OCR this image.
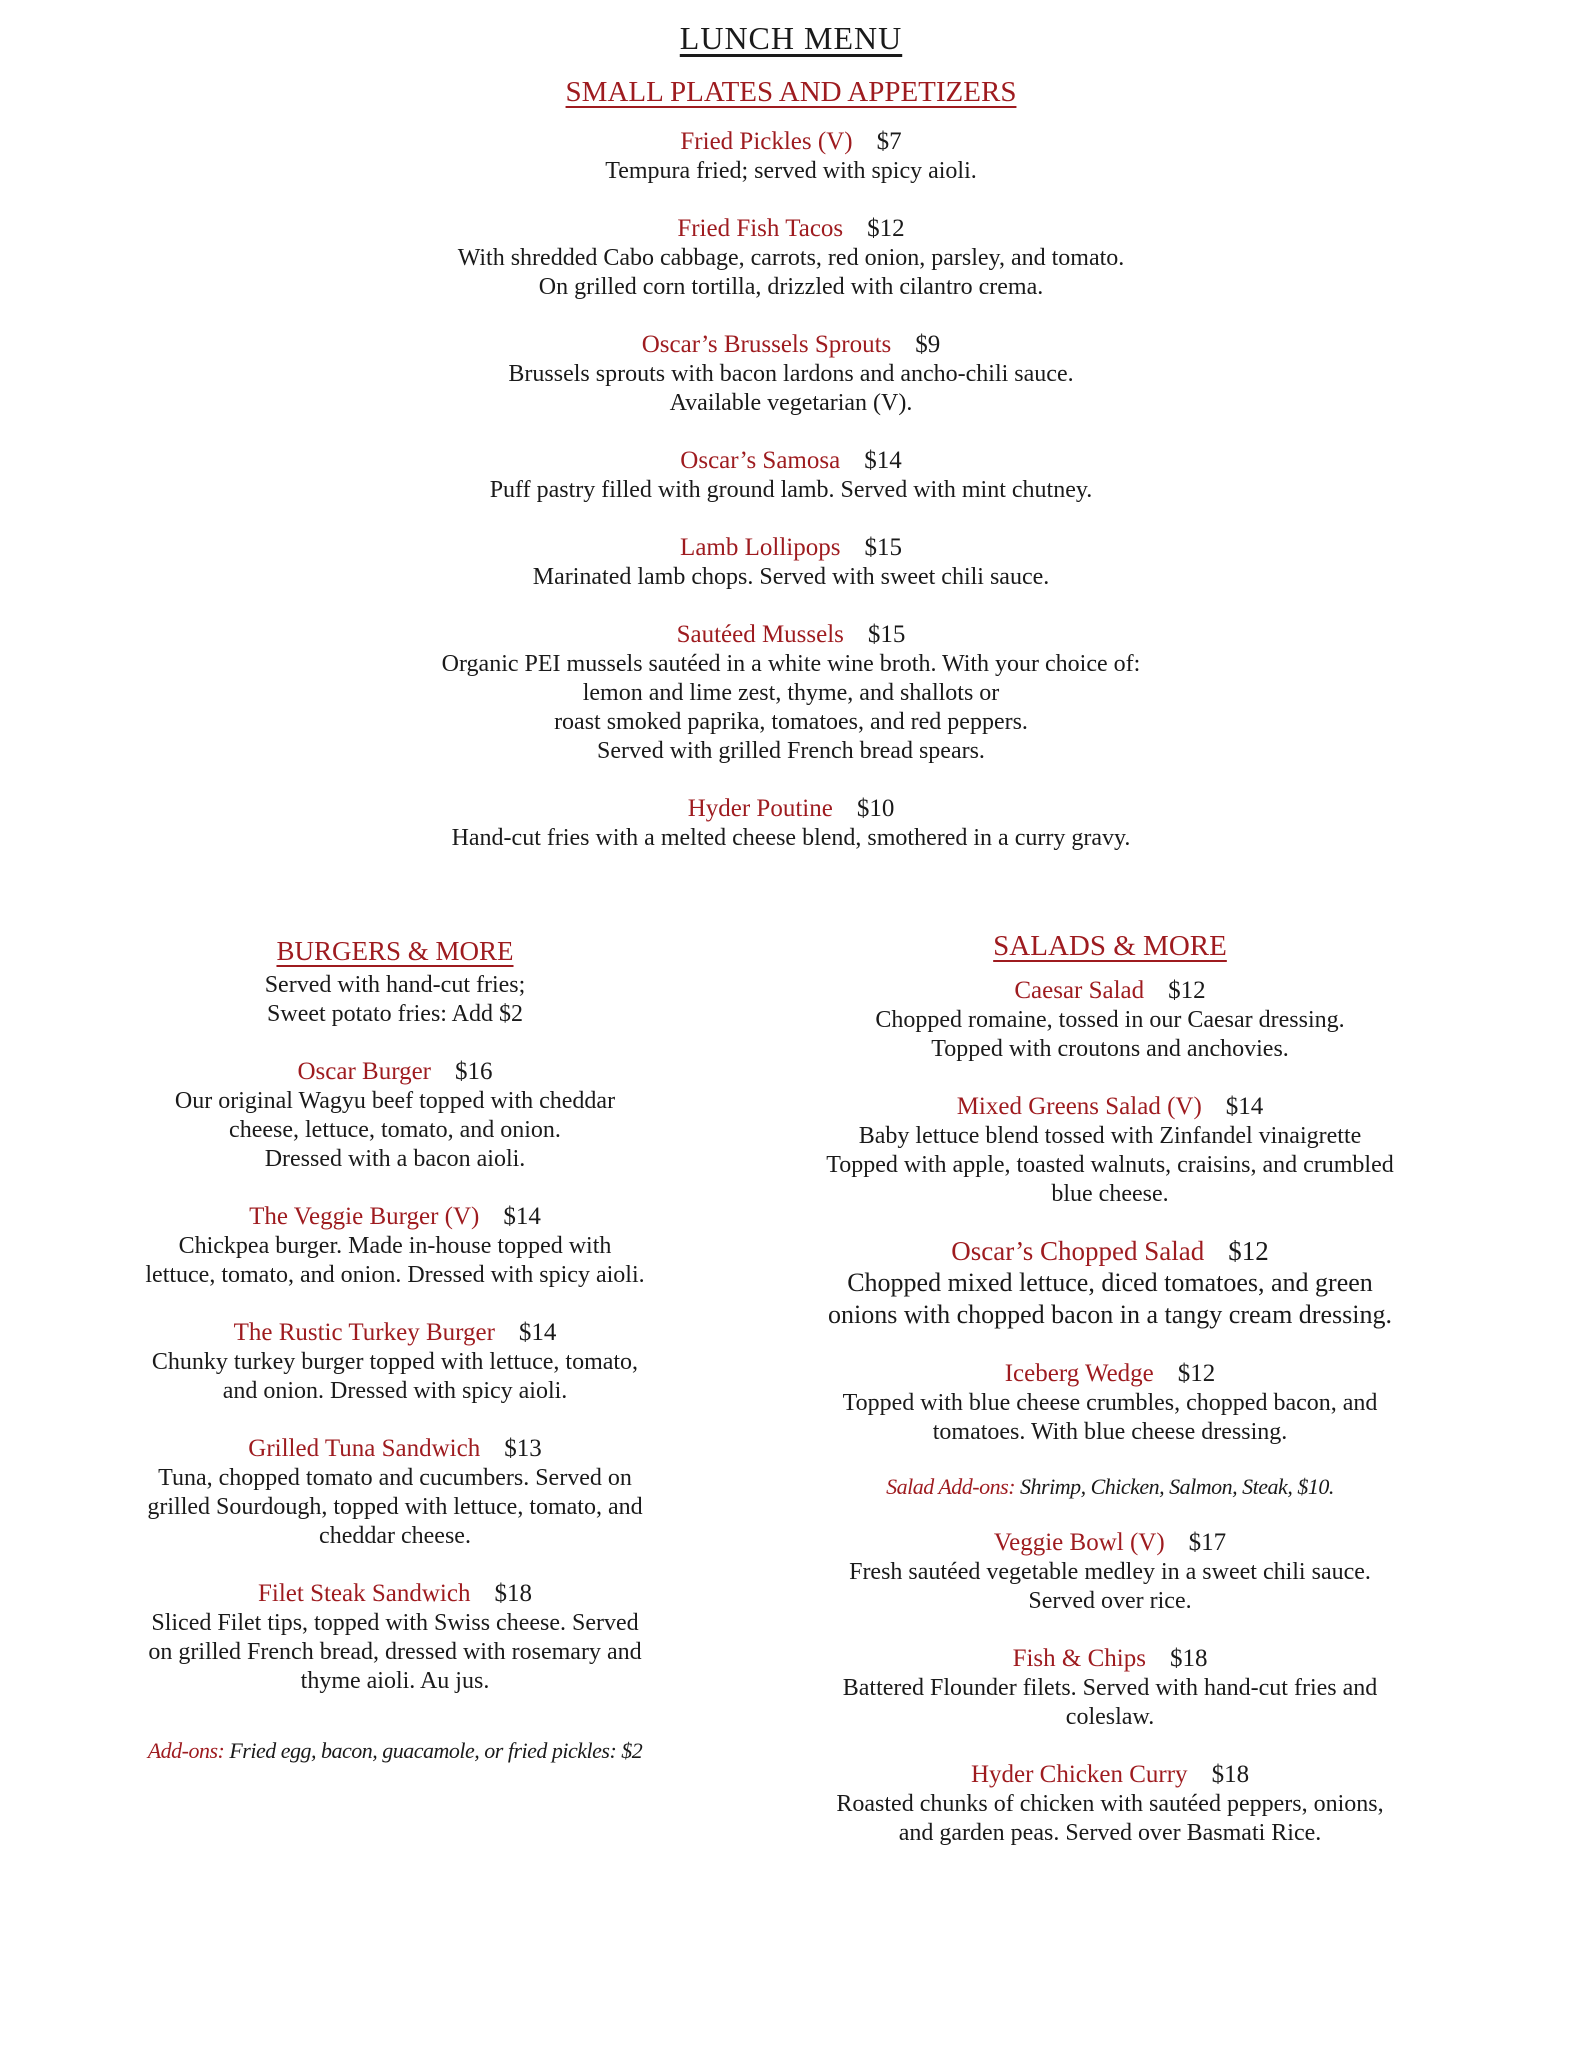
LUNCH MENU
SMALL PLATES AND APPETIZERS
Fried Pickles (V) $7
Tempura fried; served with spicy aioli.
Fried Fish Tacos $12
With shredded Cabo cabbage, carrots, red onion, parsley, and tomato.
On grilled corn tortilla, drizzled with cilantro crema.
Oscar’s Brussels Sprouts $9
Brussels sprouts with bacon lardons and ancho-chili sauce.
Available vegetarian (V).
Oscar’s Samosa $14
Puff pastry filled with ground lamb. Served with mint chutney.
Lamb Lollipops $15
Marinated lamb chops. Served with sweet chili sauce.
Sautéed Mussels $15
Organic PEI mussels sautéed in a white wine broth. With your choice of:
lemon and lime zest, thyme, and shallots or
roast smoked paprika, tomatoes, and red peppers.
Served with grilled French bread spears.
Hyder Poutine $10
Hand-cut fries with a melted cheese blend, smothered in a curry gravy.
BURGERS & MORE
Served with hand-cut fries;
Sweet potato fries: Add $2
Oscar Burger $16
Our original Wagyu beef topped with cheddar
cheese, lettuce, tomato, and onion.
Dressed with a bacon aioli.
The Veggie Burger (V) $14
Chickpea burger. Made in-house topped with
lettuce, tomato, and onion. Dressed with spicy aioli.
The Rustic Turkey Burger $14
Chunky turkey burger topped with lettuce, tomato,
and onion. Dressed with spicy aioli.
Grilled Tuna Sandwich $13
Tuna, chopped tomato and cucumbers. Served on
grilled Sourdough, topped with lettuce, tomato, and
cheddar cheese.
Filet Steak Sandwich $18
Sliced Filet tips, topped with Swiss cheese. Served
on grilled French bread, dressed with rosemary and
thyme aioli. Au jus.
Add-ons: Fried egg, bacon, guacamole, or fried pickles: $2
SALADS & MORE
Caesar Salad $12
Chopped romaine, tossed in our Caesar dressing.
Topped with croutons and anchovies.
Mixed Greens Salad (V) $14
Baby lettuce blend tossed with Zinfandel vinaigrette
Topped with apple, toasted walnuts, craisins, and crumbled
blue cheese.
Oscar’s Chopped Salad $12
Chopped mixed lettuce, diced tomatoes, and green
onions with chopped bacon in a tangy cream dressing.
Iceberg Wedge $12
Topped with blue cheese crumbles, chopped bacon, and
tomatoes. With blue cheese dressing.
Salad Add-ons: Shrimp, Chicken, Salmon, Steak, $10.
Veggie Bowl (V) $17
Fresh sautéed vegetable medley in a sweet chili sauce.
Served over rice.
Fish & Chips $18
Battered Flounder filets. Served with hand-cut fries and
coleslaw.
Hyder Chicken Curry $18
Roasted chunks of chicken with sautéed peppers, onions,
and garden peas. Served over Basmati Rice.
